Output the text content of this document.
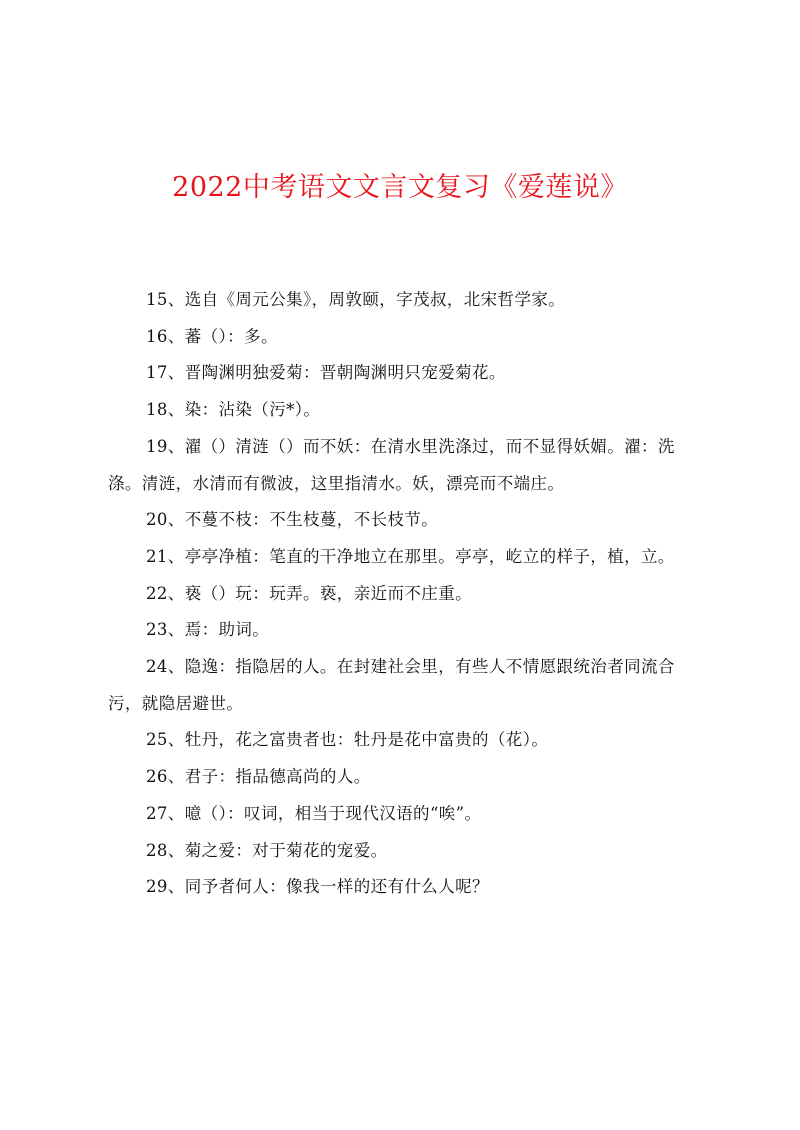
2022中考语文文言文复习《爱莲说》

15、选自《周元公集》，周敦颐，字茂叔，北宋哲学家。

16、蕃（）：多。

17、晋陶渊明独爱菊：晋朝陶渊明只宠爱菊花。

18、染：沾染（污*）。

19、濯（）清涟（）而不妖：在清水里洗涤过，而不显得妖媚。濯：洗涤。清涟，水清而有微波，这里指清水。妖，漂亮而不端庄。

20、不蔓不枝：不生枝蔓，不长枝节。

21、亭亭净植：笔直的干净地立在那里。亭亭，屹立的样子，植，立。

22、亵（）玩：玩弄。亵，亲近而不庄重。

23、焉：助词。

24、隐逸：指隐居的人。在封建社会里，有些人不情愿跟统治者同流合污，就隐居避世。

25、牡丹，花之富贵者也：牡丹是花中富贵的（花）。

26、君子：指品德高尚的人。

27、噫（）：叹词，相当于现代汉语的“唉”。

28、菊之爱：对于菊花的宠爱。

29、同予者何人：像我一样的还有什么人呢？
